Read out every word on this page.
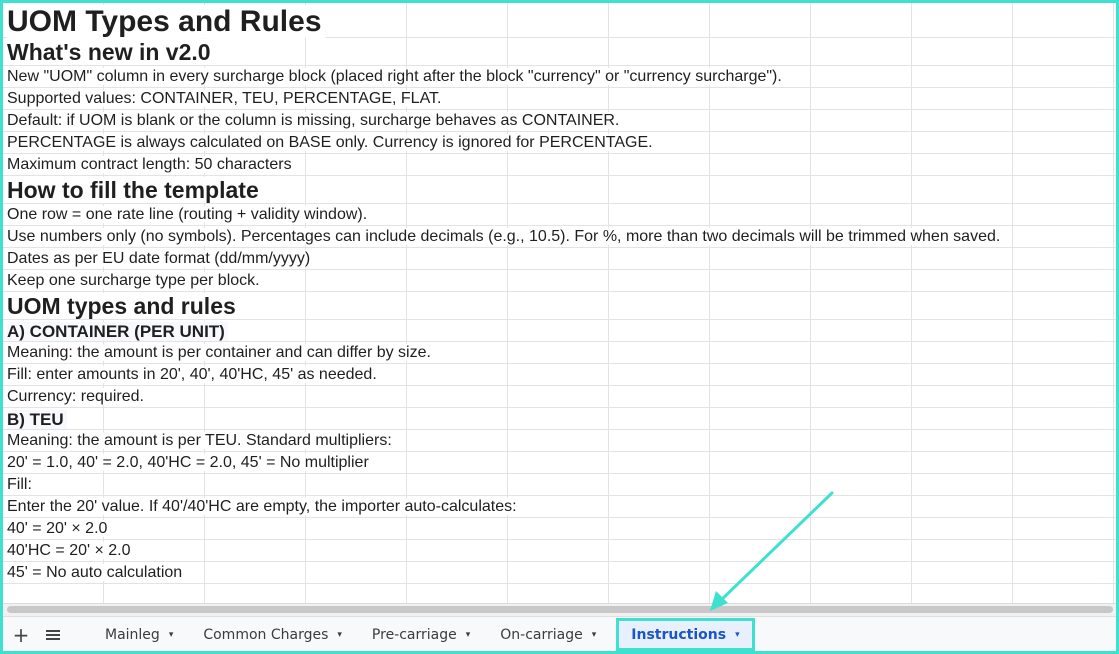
UOM Types and Rules
What's new in v2.0
New "UOM" column in every surcharge block (placed right after the block "currency" or "currency surcharge").
Supported values: CONTAINER, TEU, PERCENTAGE, FLAT.
Default: if UOM is blank or the column is missing, surcharge behaves as CONTAINER.
PERCENTAGE is always calculated on BASE only. Currency is ignored for PERCENTAGE.
Maximum contract length: 50 characters
How to fill the template
One row = one rate line (routing + validity window).
Use numbers only (no symbols). Percentages can include decimals (e.g., 10.5). For %, more than two decimals will be trimmed when saved.
Dates as per EU date format (dd/mm/yyyy)
Keep one surcharge type per block.
UOM types and rules
A) CONTAINER (PER UNIT)
Meaning: the amount is per container and can differ by size.
Fill: enter amounts in 20', 40', 40'HC, 45' as needed.
Currency: required.
B) TEU
Meaning: the amount is per TEU. Standard multipliers:
20' = 1.0, 40' = 2.0, 40'HC = 2.0, 45' = No multiplier
Fill:
Enter the 20' value. If 40'/40'HC are empty, the importer auto-calculates:
40' = 20' × 2.0
40'HC = 20' × 2.0
45' = No auto calculation
+	Mainleg ▾ Common Charges ▾ Pre-carriage ▾ On-carriage ▾	Instructions ▾
